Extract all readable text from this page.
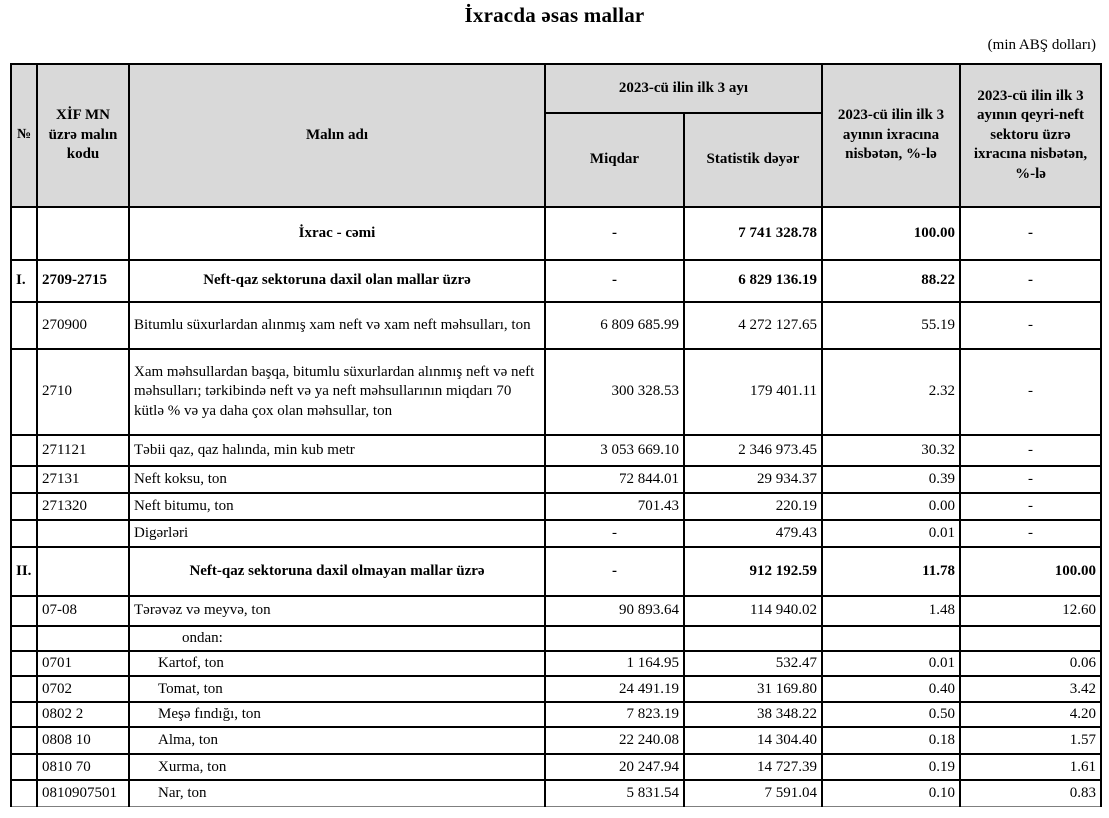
İxracda əsas mallar
(min ABŞ dolları)
№	XİF MN üzrə malın kodu	Malın adı	2023-cü ilin ilk 3 ayı		2023-cü ilin ilk 3 ayının ixracına nisbətən, %-lə	2023-cü ilin ilk 3 ayının qeyri-neft sektoru üzrə ixracına nisbətən, %-lə
			Miqdar	Statistik dəyər		
		İxrac - cəmi	-	7 741 328.78	100.00	-
I.	2709-2715	Neft-qaz sektoruna daxil olan mallar üzrə	-	6 829 136.19	88.22	-
	270900	Bitumlu süxurlardan alınmış xam neft və xam neft məhsulları, ton	6 809 685.99	4 272 127.65	55.19	-
	2710	Xam məhsullardan başqa, bitumlu süxurlardan alınmış neft və neft məhsulları; tərkibində neft və ya neft məhsullarının miqdarı 70 kütlə % və ya daha çox olan məhsullar, ton	300 328.53	179 401.11	2.32	-
	271121	Təbii qaz, qaz halında, min kub metr	3 053 669.10	2 346 973.45	30.32	-
	27131	Neft koksu, ton	72 844.01	29 934.37	0.39	-
	271320	Neft bitumu, ton	701.43	220.19	0.00	-
		Digərləri	-	479.43	0.01	-
II.		Neft-qaz sektoruna daxil olmayan mallar üzrə	-	912 192.59	11.78	100.00
	07-08	Tərəvəz və meyvə, ton	90 893.64	114 940.02	1.48	12.60
		ondan:				
	0701	Kartof, ton	1 164.95	532.47	0.01	0.06
	0702	Tomat, ton	24 491.19	31 169.80	0.40	3.42
	0802 2	Meşə fındığı, ton	7 823.19	38 348.22	0.50	4.20
	0808 10	Alma, ton	22 240.08	14 304.40	0.18	1.57
	0810 70	Xurma, ton	20 247.94	14 727.39	0.19	1.61
	0810907501	Nar, ton	5 831.54	7 591.04	0.10	0.83
